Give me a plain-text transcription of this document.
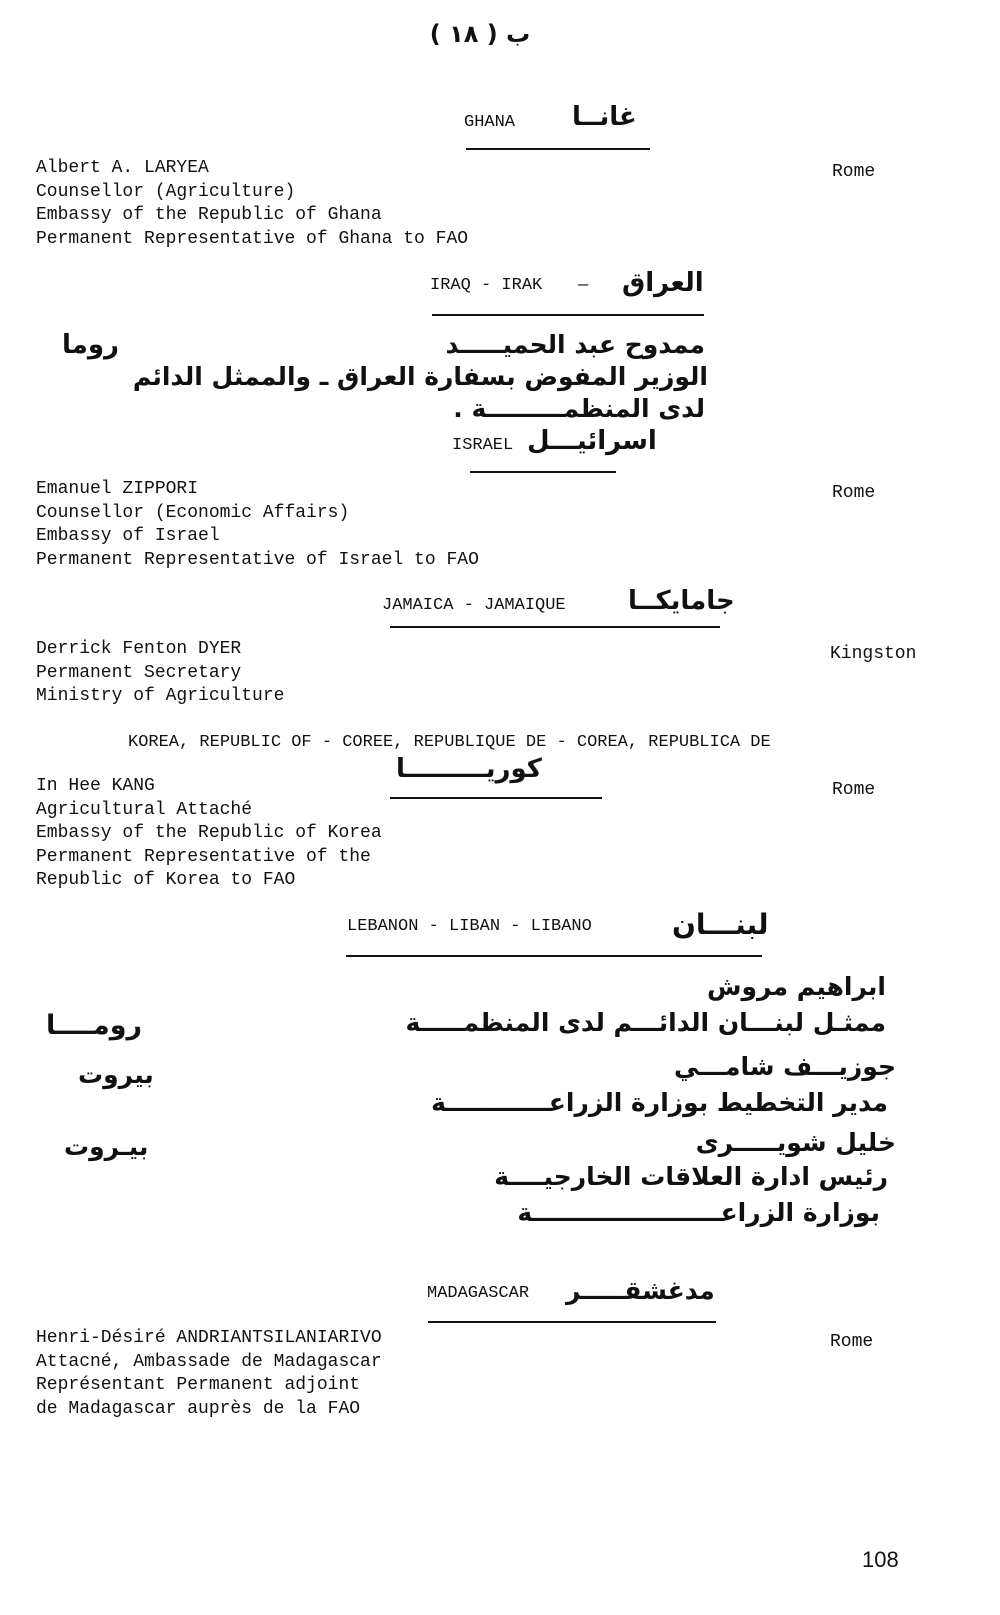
ب ( ١٨ )
GHANA غانــا
Albert A. LARYEA
Counsellor (Agriculture)
Embassy of the Republic of Ghana
Permanent Representative of Ghana to FAO
Rome
IRAQ - IRAK — العراق
روما	ممدوح عبد الحميـــــد
الوزير المفوض بسفارة العراق ـ والممثل الدائم
لدى المنظمـــــــــة .
ISRAEL اسرائيـــل
Emanuel ZIPPORI
Counsellor (Economic Affairs)
Embassy of Israel
Permanent Representative of Israel to FAO
Rome
JAMAICA - JAMAIQUE جامايكــا
Derrick Fenton DYER
Permanent Secretary
Ministry of Agriculture
Kingston
KOREA, REPUBLIC OF - COREE, REPUBLIQUE DE - COREA, REPUBLICA DE
كوريـــــــــا
In Hee KANG
Agricultural Attaché
Embassy of the Republic of Korea
Permanent Representative of the
Republic of Korea to FAO
Rome
LEBANON - LIBAN - LIBANO	لبنـــان
رومــــا
بيروت
بيـروت
ابراهيم مروش
ممثـل لبنـــان الدائـــم لدى المنظمـــــة
جوزيـــف شامـــي
مدير التخطيط بوزارة الزراعــــــــــــة
خليل شويـــــرى
رئيس ادارة العلاقات الخارجيــــة
بوزارة الزراعــــــــــــــــــــــة
MADAGASCAR مدغشقـــــر
Henri-Désiré ANDRIANTSILANIARIVO
Attacné, Ambassade de Madagascar
Représentant Permanent adjoint
de Madagascar auprès de la FAO
Rome
108
